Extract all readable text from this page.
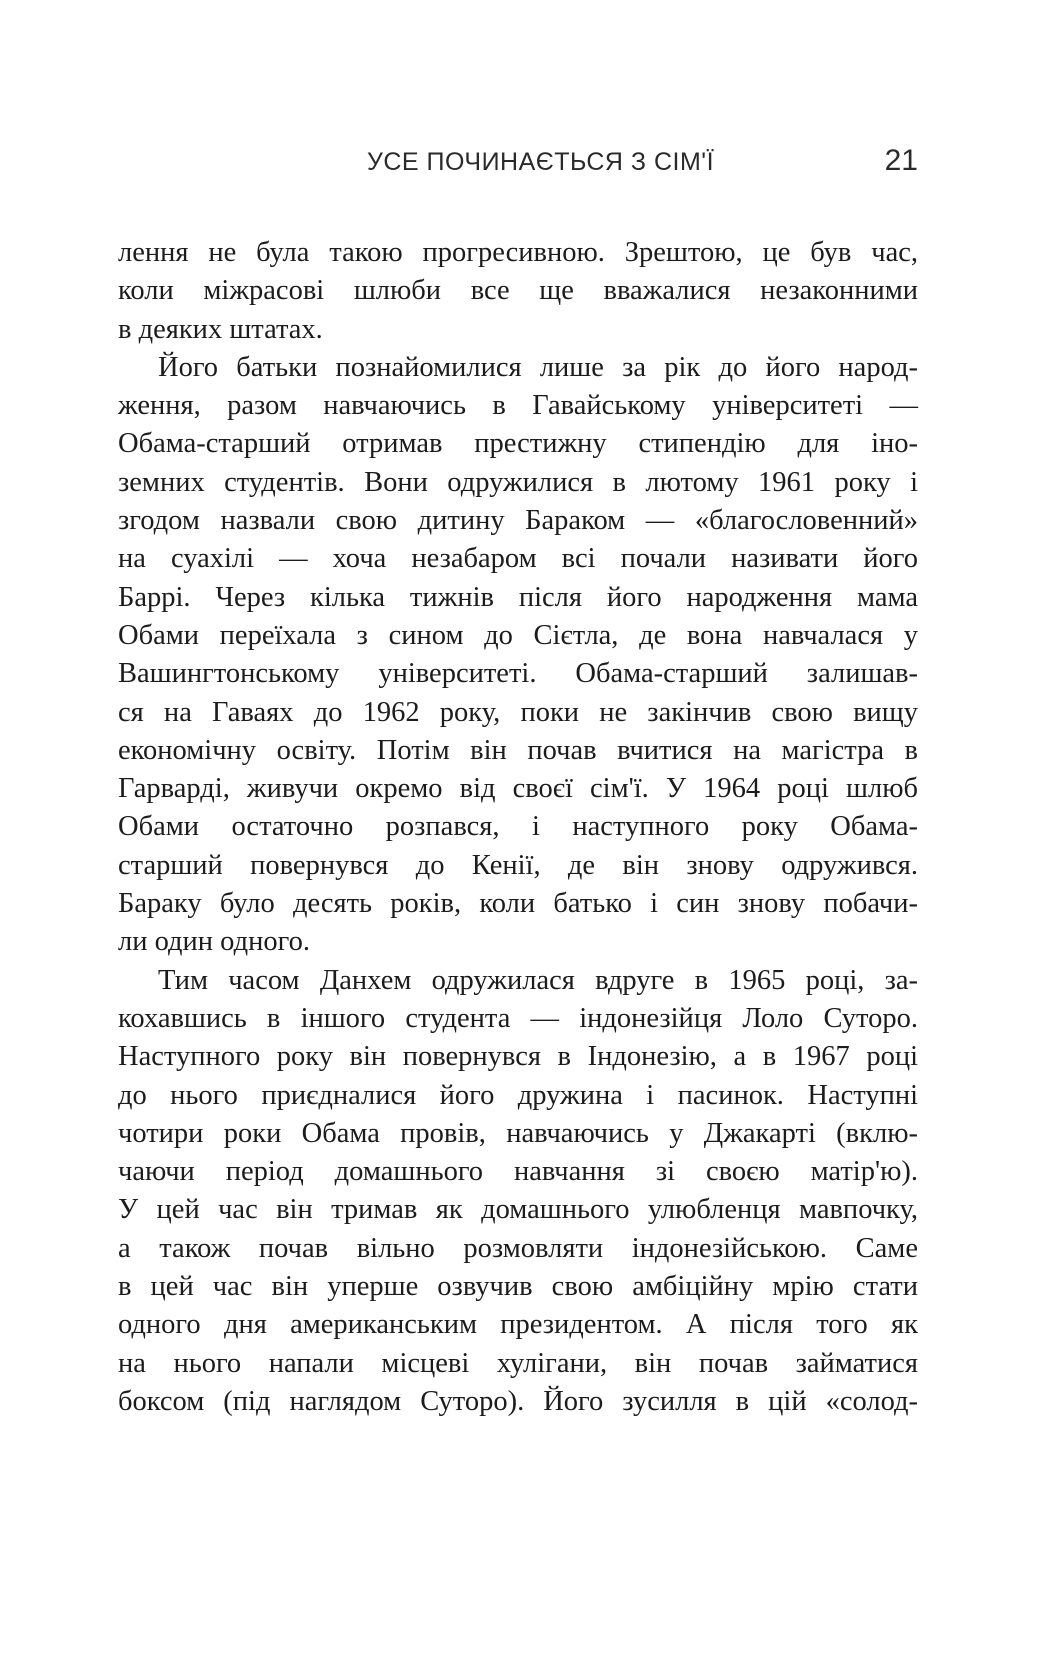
УСЕ ПОЧИНАЄТЬСЯ З СІМ'Ї	21
лення не була такою прогресивною. Зрештою, це був час,
коли міжрасові шлюби все ще вважалися незаконними
в деяких штатах.
Його батьки познайомилися лише за рік до його народ-
ження, разом навчаючись в Гавайському університеті —
Обама-старший отримав престижну стипендію для іно-
земних студентів. Вони одружилися в лютому 1961 року і
згодом назвали свою дитину Бараком — «благословенний»
на суахілі — хоча незабаром всі почали називати його
Баррі. Через кілька тижнів після його народження мама
Обами переїхала з сином до Сієтла, де вона навчалася у
Вашингтонському університеті. Обама-старший залишав-
ся на Гаваях до 1962 року, поки не закінчив свою вищу
економічну освіту. Потім він почав вчитися на магістра в
Гарварді, живучи окремо від своєї сім'ї. У 1964 році шлюб
Обами остаточно розпався, і наступного року Обама-
старший повернувся до Кенії, де він знову одружився.
Бараку було десять років, коли батько і син знову побачи-
ли один одного.
Тим часом Данхем одружилася вдруге в 1965 році, за-
кохавшись в іншого студента — індонезійця Лоло Суторо.
Наступного року він повернувся в Індонезію, а в 1967 році
до нього приєдналися його дружина і пасинок. Наступні
чотири роки Обама провів, навчаючись у Джакарті (вклю-
чаючи період домашнього навчання зі своєю матір'ю).
У цей час він тримав як домашнього улюбленця мавпочку,
а також почав вільно розмовляти індонезійською. Саме
в цей час він уперше озвучив свою амбіційну мрію стати
одного дня американським президентом. А після того як
на нього напали місцеві хулігани, він почав займатися
боксом (під наглядом Суторо). Його зусилля в цій «солод-
